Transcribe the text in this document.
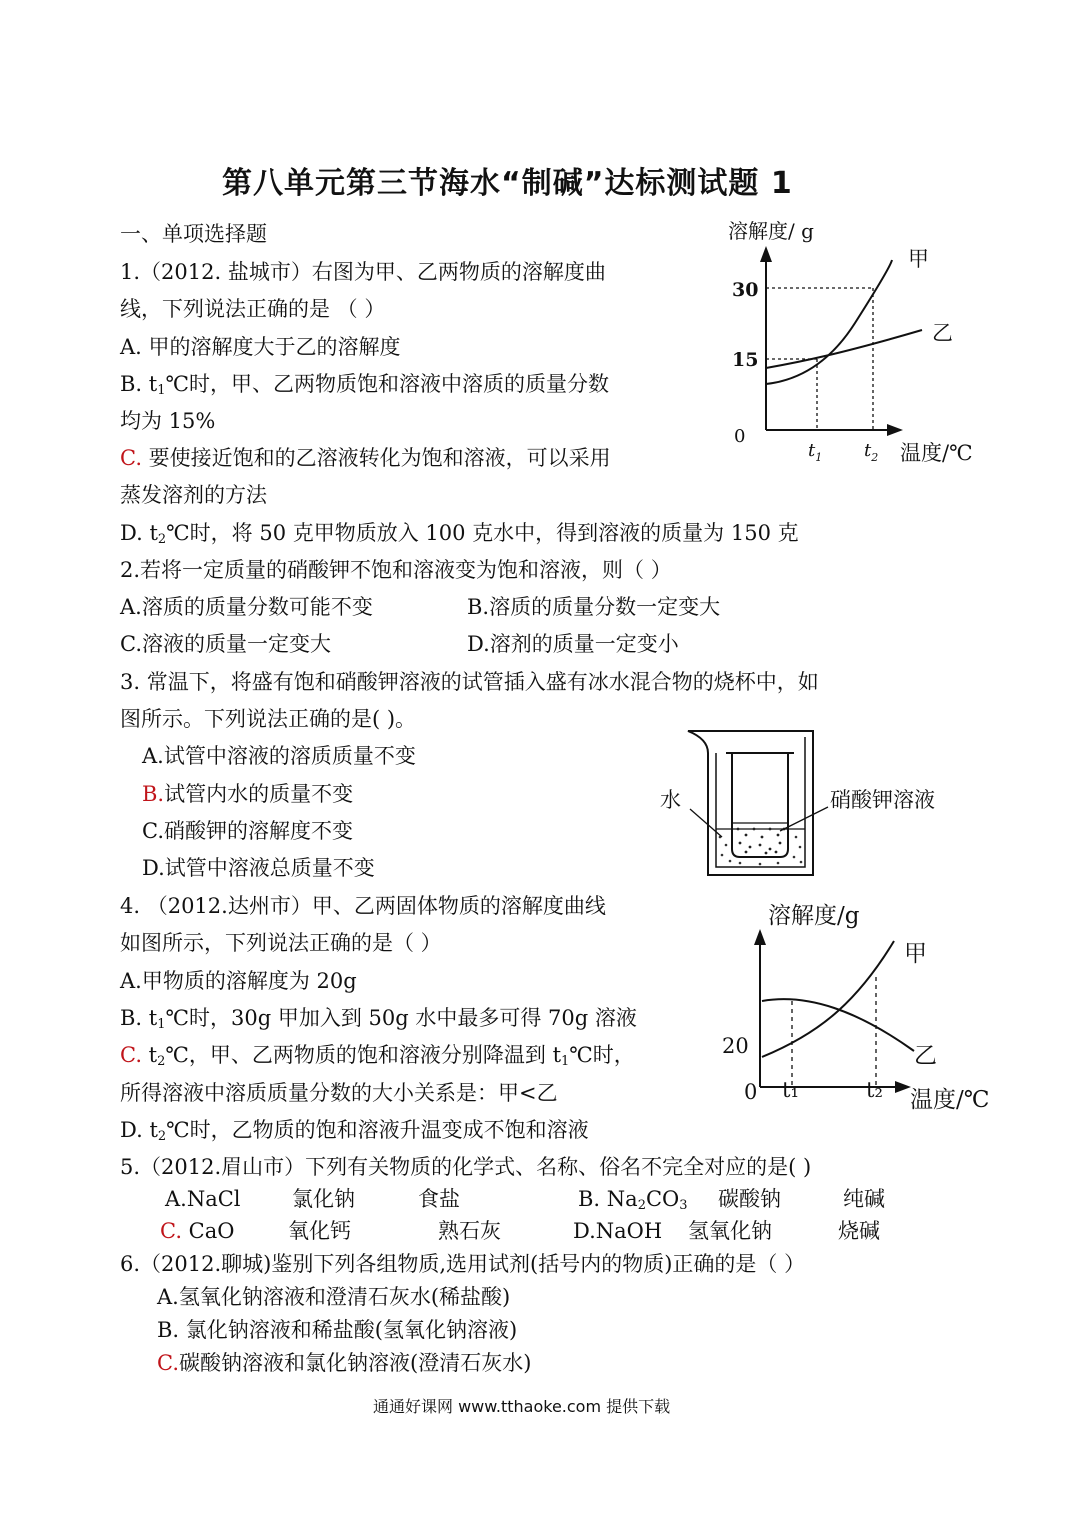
第八单元第三节海水“制碱”达标测试题 1
一、单项选择题
1.（2012. 盐城市）右图为甲、乙两物质的溶解度曲
线，下列说法正确的是 （ ）
A. 甲的溶解度大于乙的溶解度
B. $t_1℃$时，甲、乙两物质饱和溶液中溶质的质量分数
均为 15%
C. 要使接近饱和的乙溶液转化为饱和溶液，可以采用
蒸发溶剂的方法
D. $t_2℃$时，将 50 克甲物质放入 100 克水中，得到溶液的质量为 150 克
溶解度/ g
30
15
0
$t_1$ $t_2$ 温度/℃
甲
乙
2.若将一定质量的硝酸钾不饱和溶液变为饱和溶液，则（ ）
A.溶质的质量分数可能不变	B.溶质的质量分数一定变大
C.溶液的质量一定变大	D.溶剂的质量一定变小
3. 常温下，将盛有饱和硝酸钾溶液的试管插入盛有冰水混合物的烧杯中，如
图所示。下列说法正确的是( )。
A.试管中溶液的溶质质量不变
B.试管内水的质量不变
C.硝酸钾的溶解度不变
D.试管中溶液总质量不变
水	硝酸钾溶液
4. （2012.达州市）甲、乙两固体物质的溶解度曲线
如图所示，下列说法正确的是（ ）
A.甲物质的溶解度为 20g
B. $t_1℃$时，30g 甲加入到 50g 水中最多可得 70g 溶液
C. $t_2℃$，甲、乙两物质的饱和溶液分别降温到 $t_1℃$时，
所得溶液中溶质质量分数的大小关系是：甲<乙
D. $t_2℃$时，乙物质的饱和溶液升温变成不饱和溶液
溶解度/g
20
0 t₁	t₂ 温度/℃
甲
乙
5.（2012.眉山市）下列有关物质的化学式、名称、俗名不完全对应的是( )
A.NaCl 氯化钠	食盐	B. $Na_2CO_3$ 碳酸钠	纯碱
C. CaO	氧化钙	熟石灰	D.NaOH 氢氧化钠	烧碱
6.（2012.聊城)鉴别下列各组物质,选用试剂(括号内的物质)正确的是（ ）
A.氢氧化钠溶液和澄清石灰水(稀盐酸)
B. 氯化钠溶液和稀盐酸(氢氧化钠溶液)
C.碳酸钠溶液和氯化钠溶液(澄清石灰水)
通通好课网 www.tthaoke.com 提供下载
